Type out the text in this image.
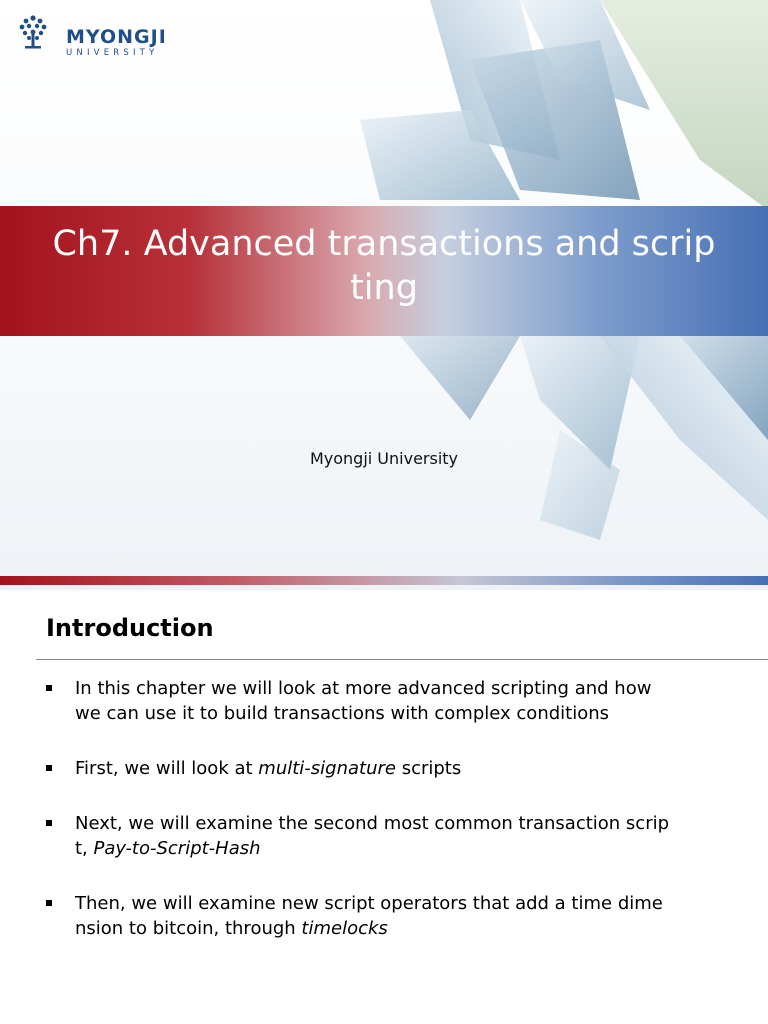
MYONGJI
UNIVERSITY
Ch7. Advanced transactions and scrip
ting
Myongji University
Introduction
In this chapter we will look at more advanced scripting and how
we can use it to build transactions with complex conditions
First, we will look at multi-signature scripts
Next, we will examine the second most common transaction scrip
t, Pay-to-Script-Hash
Then, we will examine new script operators that add a time dime
nsion to bitcoin, through timelocks
